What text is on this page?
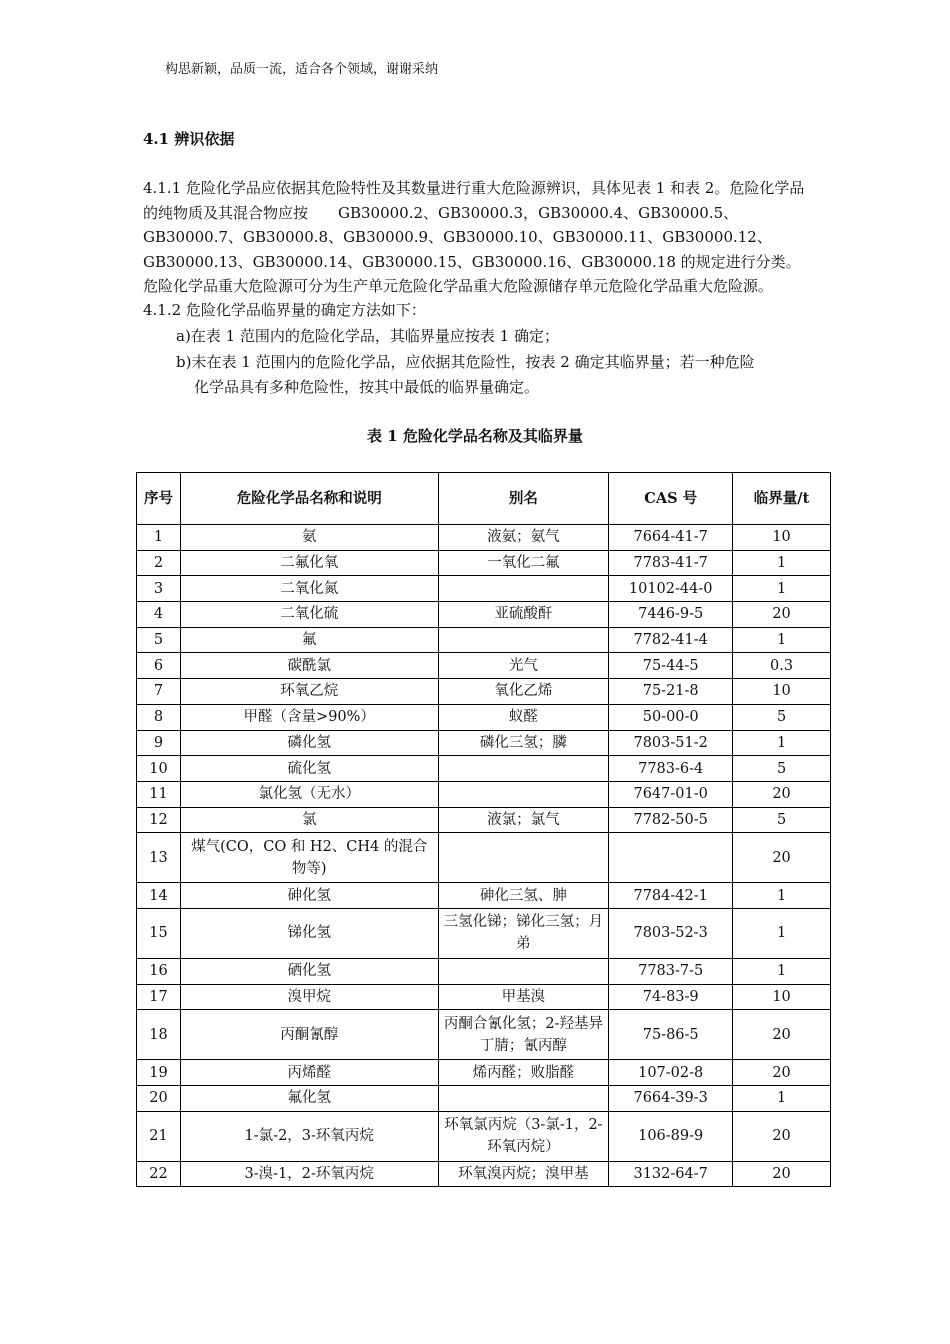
构思新颖，品质一流，适合各个领域，谢谢采纳
4.1 辨识依据
4.1.1 危险化学品应依据其危险特性及其数量进行重大危险源辨识，具体见表 1 和表 2。危险化学品的纯物质及其混合物应按　　GB30000.2、GB30000.3，GB30000.4、GB30000.5、GB30000.7、GB30000.8、GB30000.9、GB30000.10、GB30000.11、GB30000.12、GB30000.13、GB30000.14、GB30000.15、GB30000.16、GB30000.18 的规定进行分类。危险化学品重大危险源可分为生产单元危险化学品重大危险源储存单元危险化学品重大危险源。
4.1.2 危险化学品临界量的确定方法如下：
a)在表 1 范围内的危险化学品，其临界量应按表 1 确定；
b)未在表 1 范围内的危险化学品，应依据其危险性，按表 2 确定其临界量；若一种危险
化学品具有多种危险性，按其中最低的临界量确定。
表 1 危险化学品名称及其临界量
序号	危险化学品名称和说明	别名	CAS 号	临界量/t
1	氨	液氨；氨气	7664-41-7	10
2	二氟化氧	一氧化二氟	7783-41-7	1
3	二氧化氮		10102-44-0	1
4	二氧化硫	亚硫酸酐	7446-9-5	20
5	氟		7782-41-4	1
6	碳酰氯	光气	75-44-5	0.3
7	环氧乙烷	氧化乙烯	75-21-8	10
8	甲醛（含量>90%）	蚁醛	50-00-0	5
9	磷化氢	磷化三氢；膦	7803-51-2	1
10	硫化氢		7783-6-4	5
11	氯化氢（无水）		7647-01-0	20
12	氯	液氯；氯气	7782-50-5	5
13	煤气(CO，CO 和 H2、CH4 的混合物等)			20
14	砷化氢	砷化三氢、胂	7784-42-1	1
15	锑化氢	三氢化锑；锑化三氢；月弟	7803-52-3	1
16	硒化氢		7783-7-5	1
17	溴甲烷	甲基溴	74-83-9	10
18	丙酮氰醇	丙酮合氰化氢；2-羟基异丁腈；氰丙醇	75-86-5	20
19	丙烯醛	烯丙醛；败脂醛	107-02-8	20
20	氟化氢		7664-39-3	1
21	1-氯-2，3-环氧丙烷	环氧氯丙烷（3-氯-1，2-环氧丙烷）	106-89-9	20
22	3-溴-1，2-环氧丙烷	环氧溴丙烷；溴甲基	3132-64-7	20
